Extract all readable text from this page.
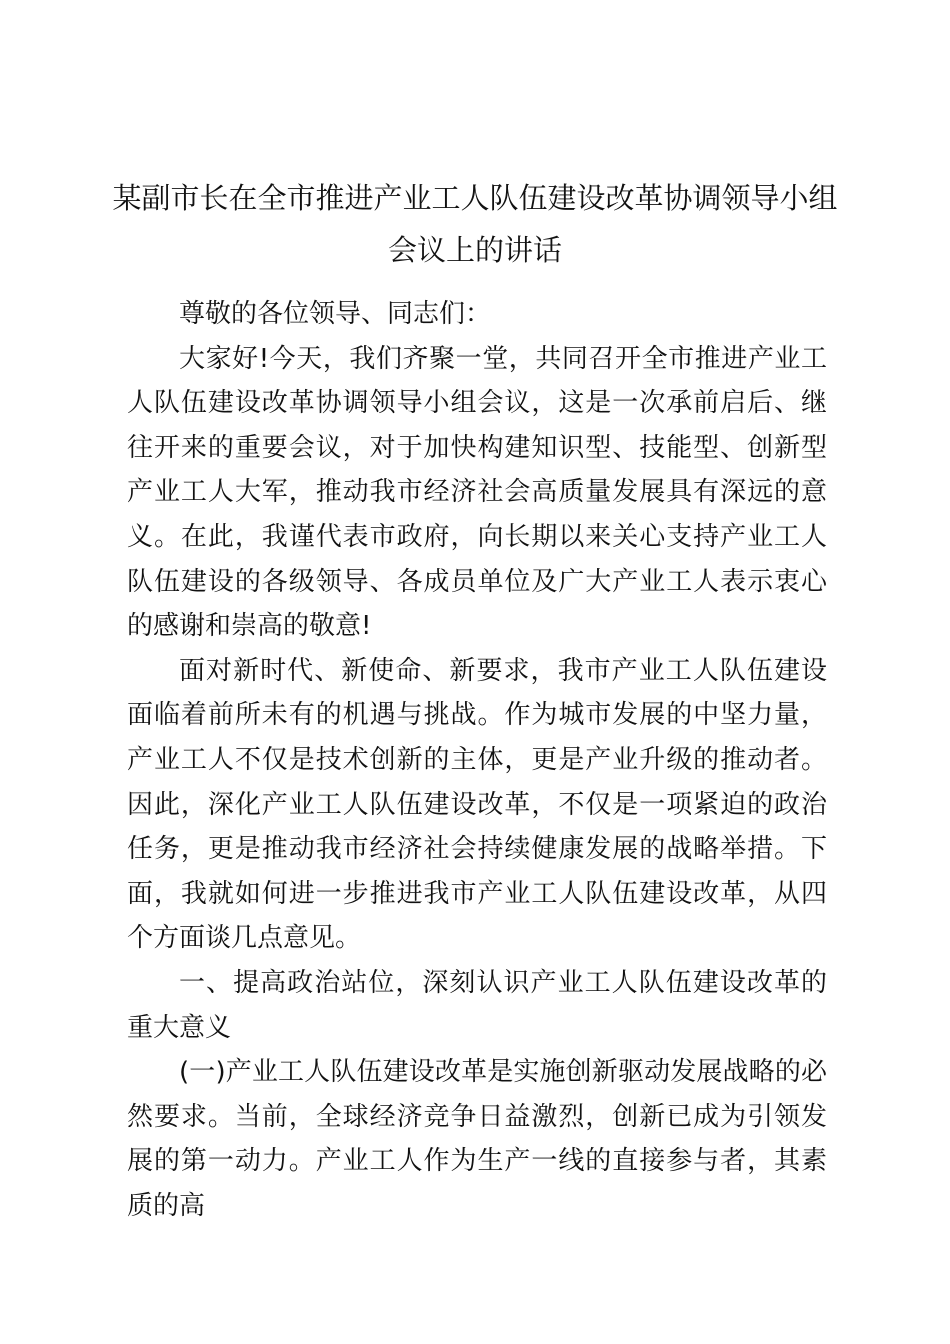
某副市长在全市推进产业工人队伍建设改革协调领导小组会议上的讲话

尊敬的各位领导、同志们：

大家好!今天，我们齐聚一堂，共同召开全市推进产业工人队伍建设改革协调领导小组会议，这是一次承前启后、继往开来的重要会议，对于加快构建知识型、技能型、创新型产业工人大军，推动我市经济社会高质量发展具有深远的意义。在此，我谨代表市政府，向长期以来关心支持产业工人队伍建设的各级领导、各成员单位及广大产业工人表示衷心的感谢和崇高的敬意!

面对新时代、新使命、新要求，我市产业工人队伍建设面临着前所未有的机遇与挑战。作为城市发展的中坚力量，产业工人不仅是技术创新的主体，更是产业升级的推动者。因此，深化产业工人队伍建设改革，不仅是一项紧迫的政治任务，更是推动我市经济社会持续健康发展的战略举措。下面，我就如何进一步推进我市产业工人队伍建设改革，从四个方面谈几点意见。

一、提高政治站位，深刻认识产业工人队伍建设改革的重大意义

(一)产业工人队伍建设改革是实施创新驱动发展战略的必然要求。当前，全球经济竞争日益激烈，创新已成为引领发展的第一动力。产业工人作为生产一线的直接参与者，其素质的高
